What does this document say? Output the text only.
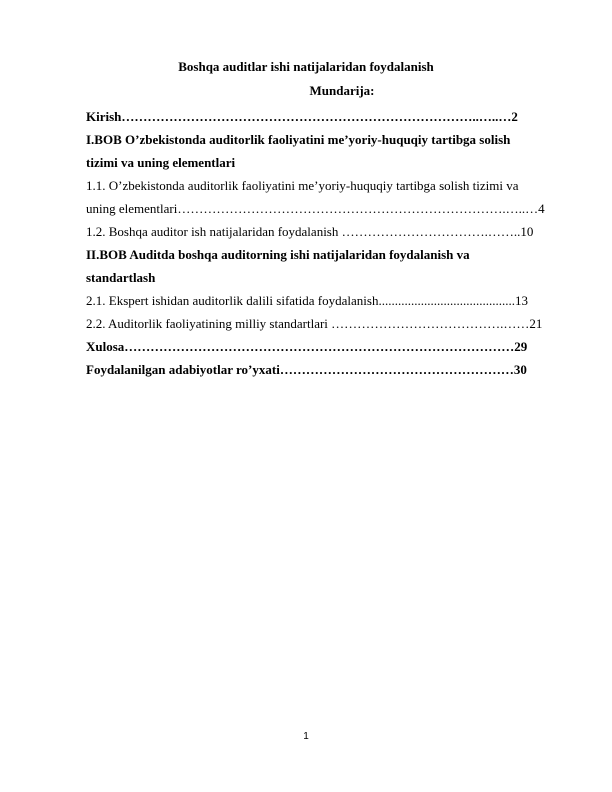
Boshqa auditlar ishi natijalaridan foydalanish
Mundarija:
Kirish………………………………………………………………………..…..…2
I.BOB O’zbekistonda auditorlik faoliyatini me’yoriy-huquqiy tartibga solish
tizimi va uning elementlari
1.1. O’zbekistonda auditorlik faoliyatini me’yoriy-huquqiy tartibga solish tizimi va
uning elementlari………………………………………………………………….…..…4
1.2. Boshqa auditor ish natijalaridan foydalanish …………………………….……..10
II.BOB Auditda boshqa auditorning ishi natijalaridan foydalanish va
standartlash
2.1. Ekspert ishidan auditorlik dalili sifatida foydalanish..........................................13
2.2. Auditorlik faoliyatining milliy standartlari ………………………………….……21
Xulosa………………………………………………………………………………29
Foydalanilgan adabiyotlar ro’yxati………………………………………………30
1
